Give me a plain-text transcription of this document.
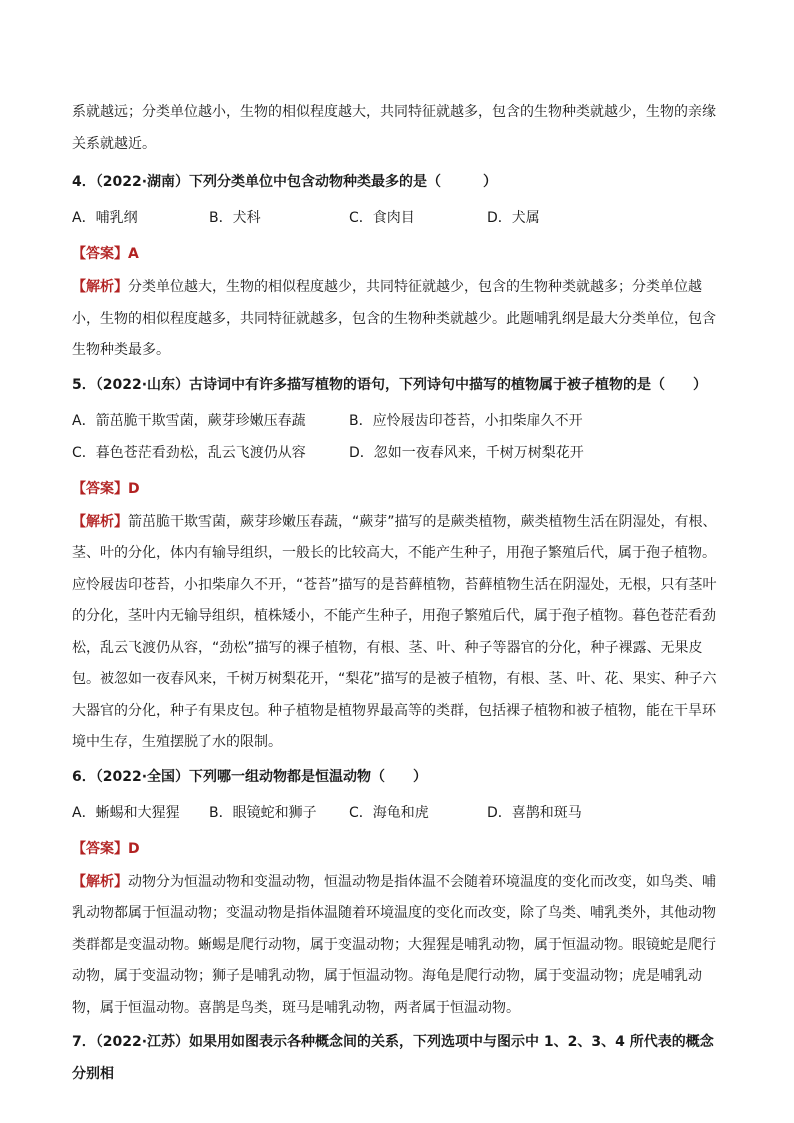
系就越远；分类单位越小，生物的相似程度越大，共同特征就越多，包含的生物种类就越少，生物的亲缘关系就越近。

4．（2022·湖南）下列分类单位中包含动物种类最多的是（　　　）

A．哺乳纲	B．犬科	C．食肉目	D．犬属

【答案】A

【解析】分类单位越大，生物的相似程度越少，共同特征就越少，包含的生物种类就越多；分类单位越小，生物的相似程度越多，共同特征就越多，包含的生物种类就越少。此题哺乳纲是最大分类单位，包含生物种类最多。

5．（2022·山东）古诗词中有许多描写植物的语句，下列诗句中描写的植物属于被子植物的是（　　）

A．箭茁脆干欺雪菌，蕨芽珍嫩压春蔬	B．应怜屐齿印苍苔，小扣柴扉久不开
C．暮色苍茫看劲松，乱云飞渡仍从容	D．忽如一夜春风来，千树万树梨花开

【答案】D

【解析】箭茁脆干欺雪菌，蕨芽珍嫩压春蔬，“蕨芽”描写的是蕨类植物，蕨类植物生活在阴湿处，有根、茎、叶的分化，体内有输导组织，一般长的比较高大，不能产生种子，用孢子繁殖后代，属于孢子植物。应怜屐齿印苍苔，小扣柴扉久不开，“苍苔”描写的是苔藓植物，苔藓植物生活在阴湿处，无根，只有茎叶的分化，茎叶内无输导组织，植株矮小，不能产生种子，用孢子繁殖后代，属于孢子植物。暮色苍茫看劲松，乱云飞渡仍从容，“劲松”描写的裸子植物，有根、茎、叶、种子等器官的分化，种子裸露、无果皮包。被忽如一夜春风来，千树万树梨花开，“梨花”描写的是被子植物，有根、茎、叶、花、果实、种子六大器官的分化，种子有果皮包。种子植物是植物界最高等的类群，包括裸子植物和被子植物，能在干旱环境中生存，生殖摆脱了水的限制。

6．（2022·全国）下列哪一组动物都是恒温动物（　　）

A．蜥蜴和大猩猩	B．眼镜蛇和狮子	C．海龟和虎	D．喜鹊和斑马

【答案】D

【解析】动物分为恒温动物和变温动物，恒温动物是指体温不会随着环境温度的变化而改变，如鸟类、哺乳动物都属于恒温动物；变温动物是指体温随着环境温度的变化而改变，除了鸟类、哺乳类外，其他动物类群都是变温动物。蜥蜴是爬行动物，属于变温动物；大猩猩是哺乳动物，属于恒温动物。眼镜蛇是爬行动物，属于变温动物；狮子是哺乳动物，属于恒温动物。海龟是爬行动物，属于变温动物；虎是哺乳动物，属于恒温动物。喜鹊是鸟类，斑马是哺乳动物，两者属于恒温动物。

7．（2022·江苏）如果用如图表示各种概念间的关系，下列选项中与图示中 1、2、3、4 所代表的概念分别相
